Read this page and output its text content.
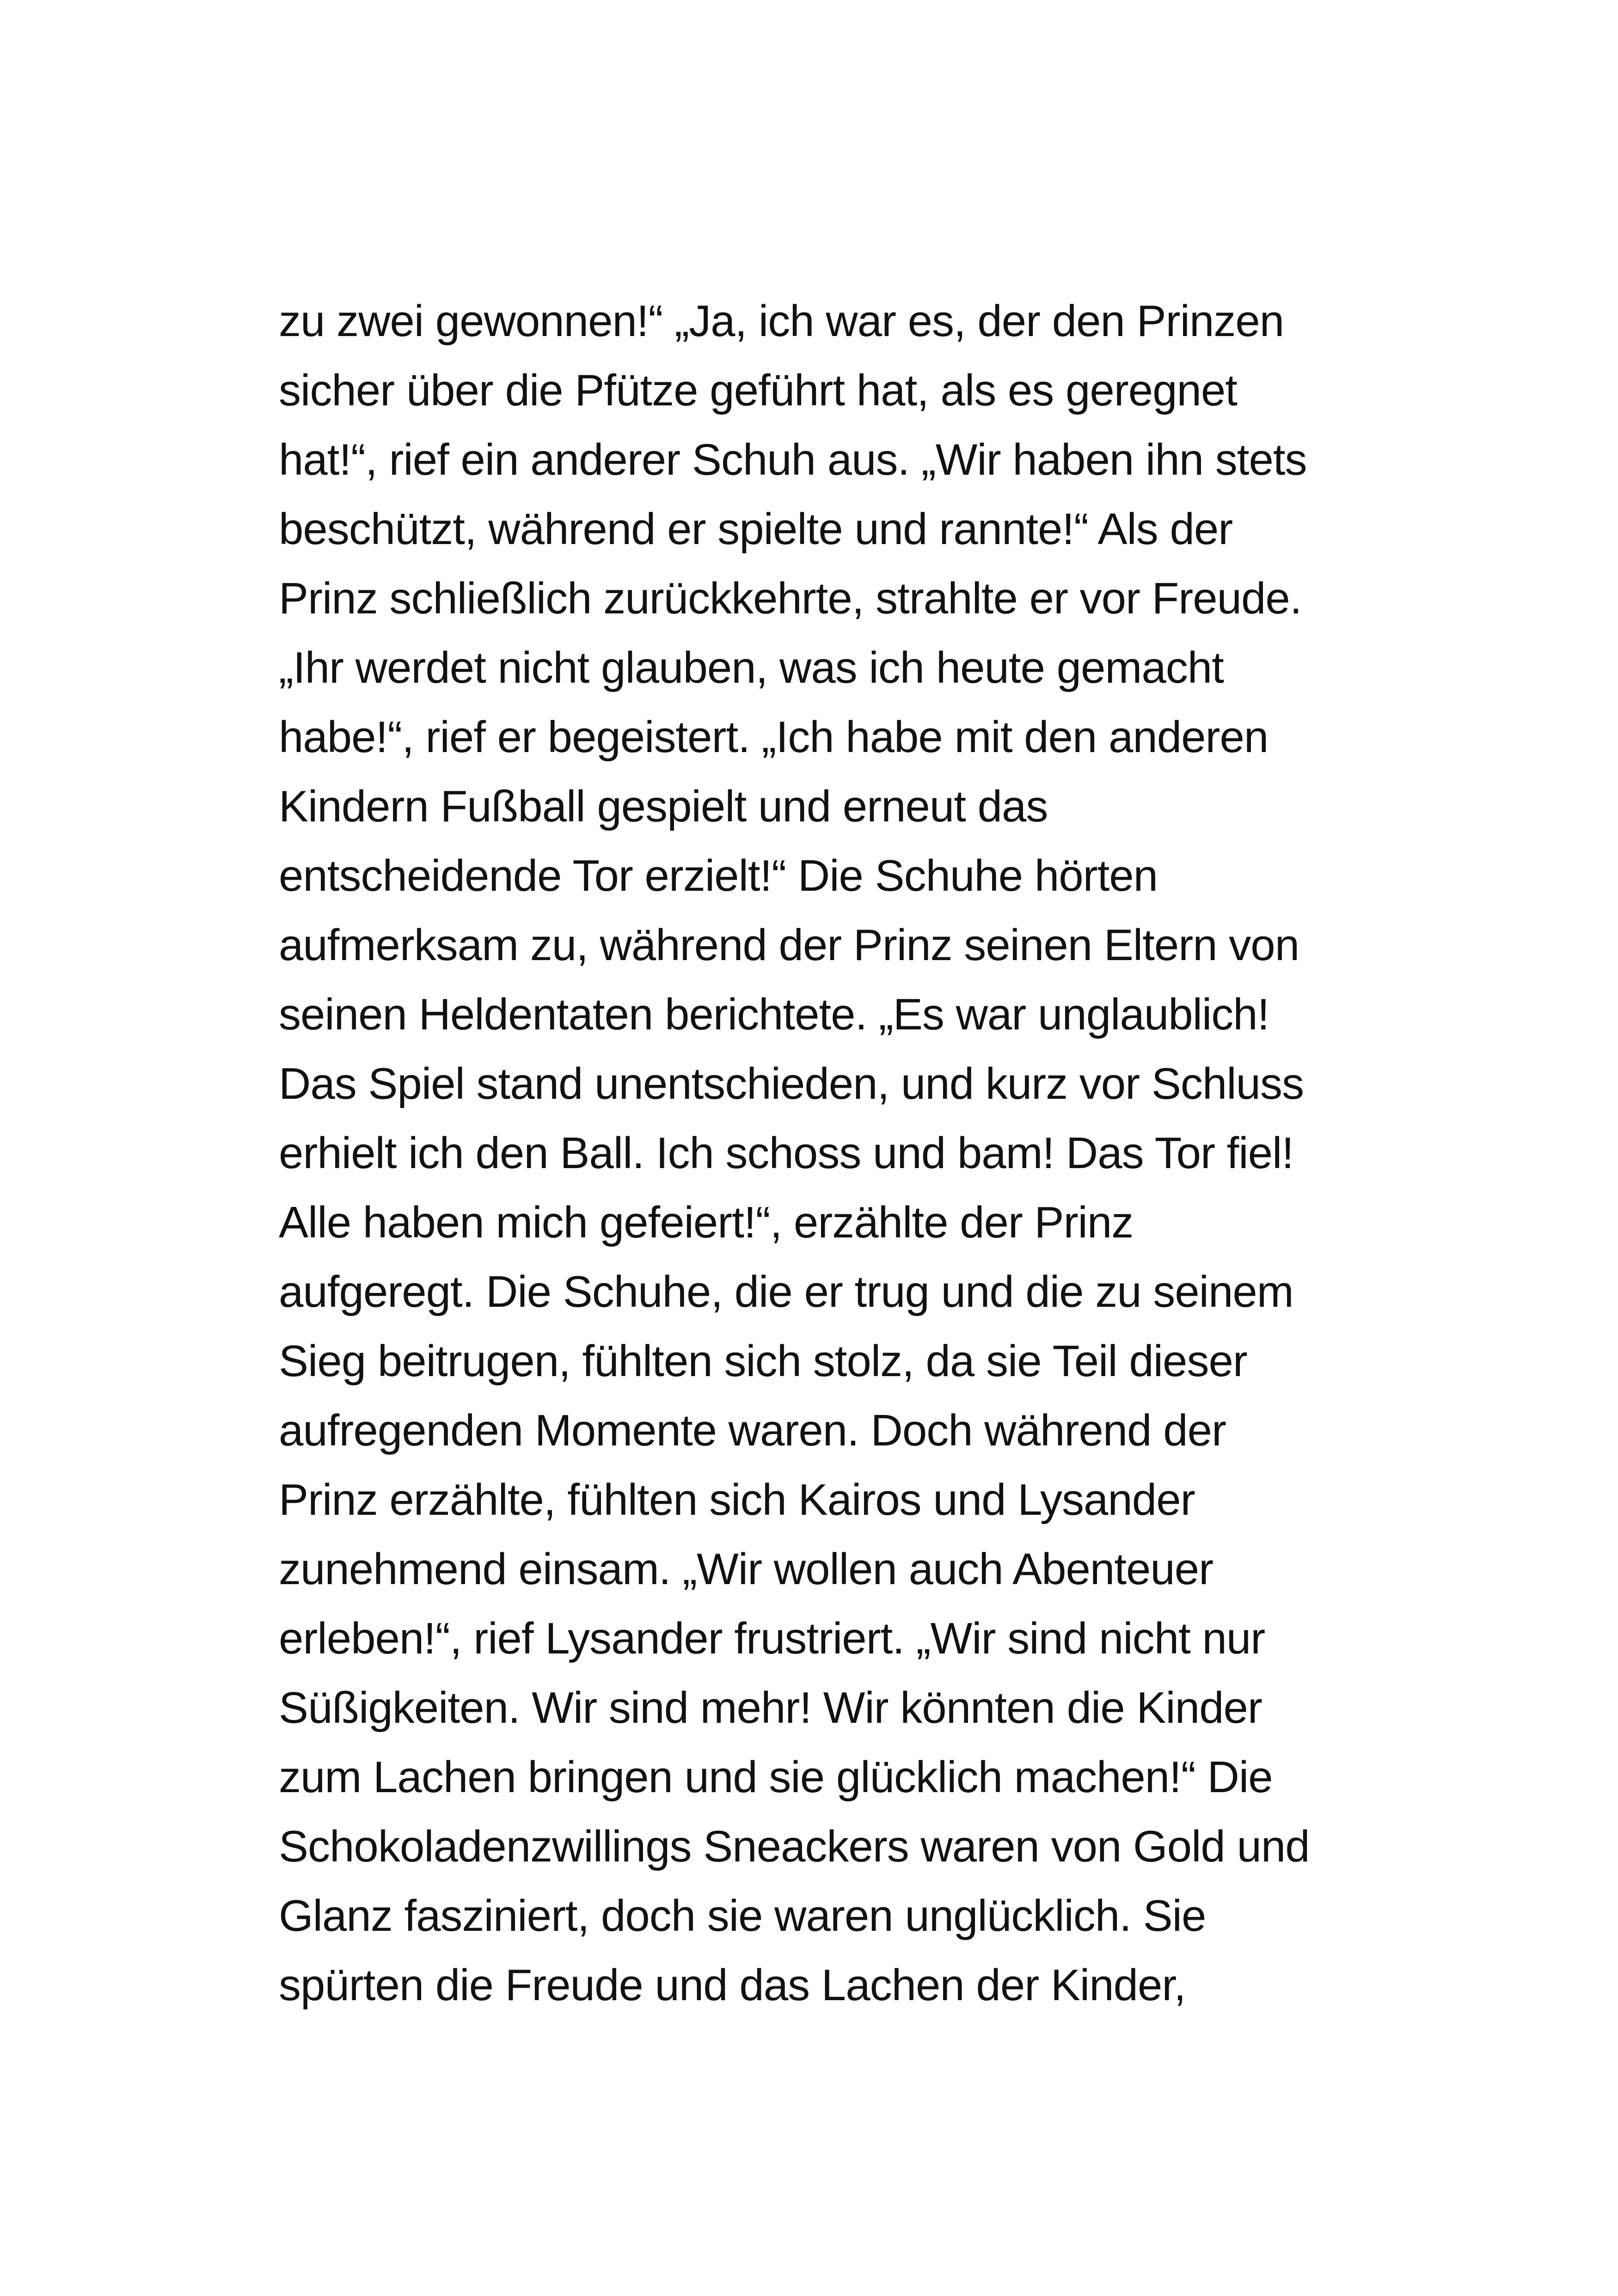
zu zwei gewonnen!“ „Ja, ich war es, der den Prinzen
sicher über die Pfütze geführt hat, als es geregnet
hat!“, rief ein anderer Schuh aus. „Wir haben ihn stets
beschützt, während er spielte und rannte!“ Als der
Prinz schließlich zurückkehrte, strahlte er vor Freude.
„Ihr werdet nicht glauben, was ich heute gemacht
habe!“, rief er begeistert. „Ich habe mit den anderen
Kindern Fußball gespielt und erneut das
entscheidende Tor erzielt!“ Die Schuhe hörten
aufmerksam zu, während der Prinz seinen Eltern von
seinen Heldentaten berichtete. „Es war unglaublich!
Das Spiel stand unentschieden, und kurz vor Schluss
erhielt ich den Ball. Ich schoss und bam! Das Tor fiel!
Alle haben mich gefeiert!“, erzählte der Prinz
aufgeregt. Die Schuhe, die er trug und die zu seinem
Sieg beitrugen, fühlten sich stolz, da sie Teil dieser
aufregenden Momente waren. Doch während der
Prinz erzählte, fühlten sich Kairos und Lysander
zunehmend einsam. „Wir wollen auch Abenteuer
erleben!“, rief Lysander frustriert. „Wir sind nicht nur
Süßigkeiten. Wir sind mehr! Wir könnten die Kinder
zum Lachen bringen und sie glücklich machen!“ Die
Schokoladenzwillings Sneackers waren von Gold und
Glanz fasziniert, doch sie waren unglücklich. Sie
spürten die Freude und das Lachen der Kinder,
